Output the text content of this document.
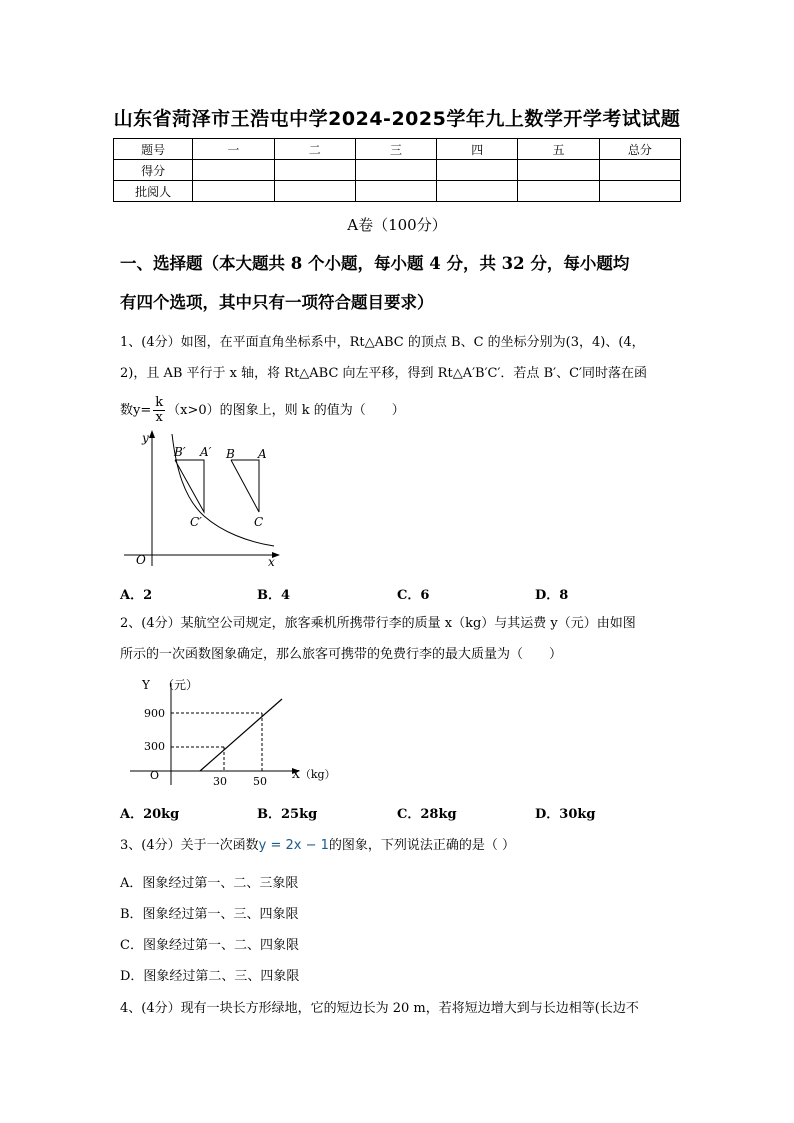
山东省菏泽市王浩屯中学2024-2025学年九上数学开学考试试题
题号	一	二	三	四	五	总分
得分						
批阅人						
A卷（100分）
一、选择题（本大题共 8 个小题，每小题 4 分，共 32 分，每小题均
有四个选项，其中只有一项符合题目要求）
1、(4分）如图，在平面直角坐标系中，Rt△ABC 的顶点 B、C 的坐标分别为(3，4)、(4，
2)，且 AB 平行于 x 轴，将 Rt△ABC 向左平移，得到 Rt△A′B′C′．若点 B′、C′同时落在函
数$y= \frac{k}{x} (x>0)$的图象上，则 k 的值为（　　）
y
x
O
B′ A′ B A
C′	C
A．2	B．4	C．6	D．8
2、(4分）某航空公司规定，旅客乘机所携带行李的质量 x（kg）与其运费 y（元）由如图
所示的一次函数图象确定，那么旅客可携带的免费行李的最大质量为（　　）
Y （元）
900
300
O	30 50
X（kg）
A．20kg	B．25kg	C．28kg	D．30kg
3、(4分）关于一次函数y = 2x − 1的图象，下列说法正确的是（ ）
A．图象经过第一、二、三象限
B．图象经过第一、三、四象限
C．图象经过第一、二、四象限
D．图象经过第二、三、四象限
4、(4分）现有一块长方形绿地，它的短边长为 20 m，若将短边增大到与长边相等(长边不
